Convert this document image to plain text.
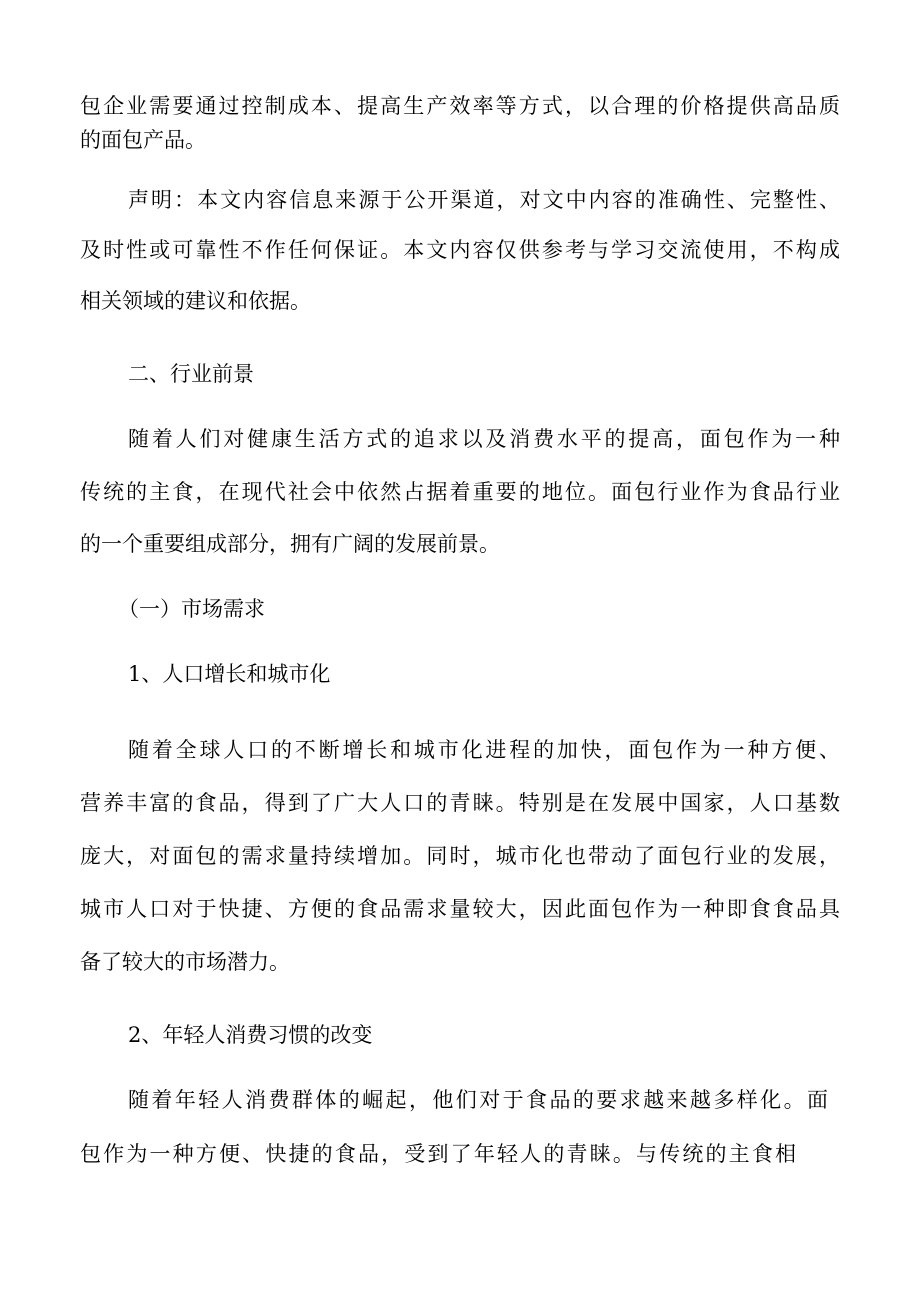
包企业需要通过控制成本、提高生产效率等方式，以合理的价格提供高品质
的面包产品。
声明：本文内容信息来源于公开渠道，对文中内容的准确性、完整性、
及时性或可靠性不作任何保证。本文内容仅供参考与学习交流使用，不构成
相关领域的建议和依据。
二、行业前景
随着人们对健康生活方式的追求以及消费水平的提高，面包作为一种
传统的主食，在现代社会中依然占据着重要的地位。面包行业作为食品行业
的一个重要组成部分，拥有广阔的发展前景。
（一）市场需求
1、人口增长和城市化
随着全球人口的不断增长和城市化进程的加快，面包作为一种方便、
营养丰富的食品，得到了广大人口的青睐。特别是在发展中国家，人口基数
庞大，对面包的需求量持续增加。同时，城市化也带动了面包行业的发展，
城市人口对于快捷、方便的食品需求量较大，因此面包作为一种即食食品具
备了较大的市场潜力。
2、年轻人消费习惯的改变
随着年轻人消费群体的崛起，他们对于食品的要求越来越多样化。面
包作为一种方便、快捷的食品，受到了年轻人的青睐。与传统的主食相
